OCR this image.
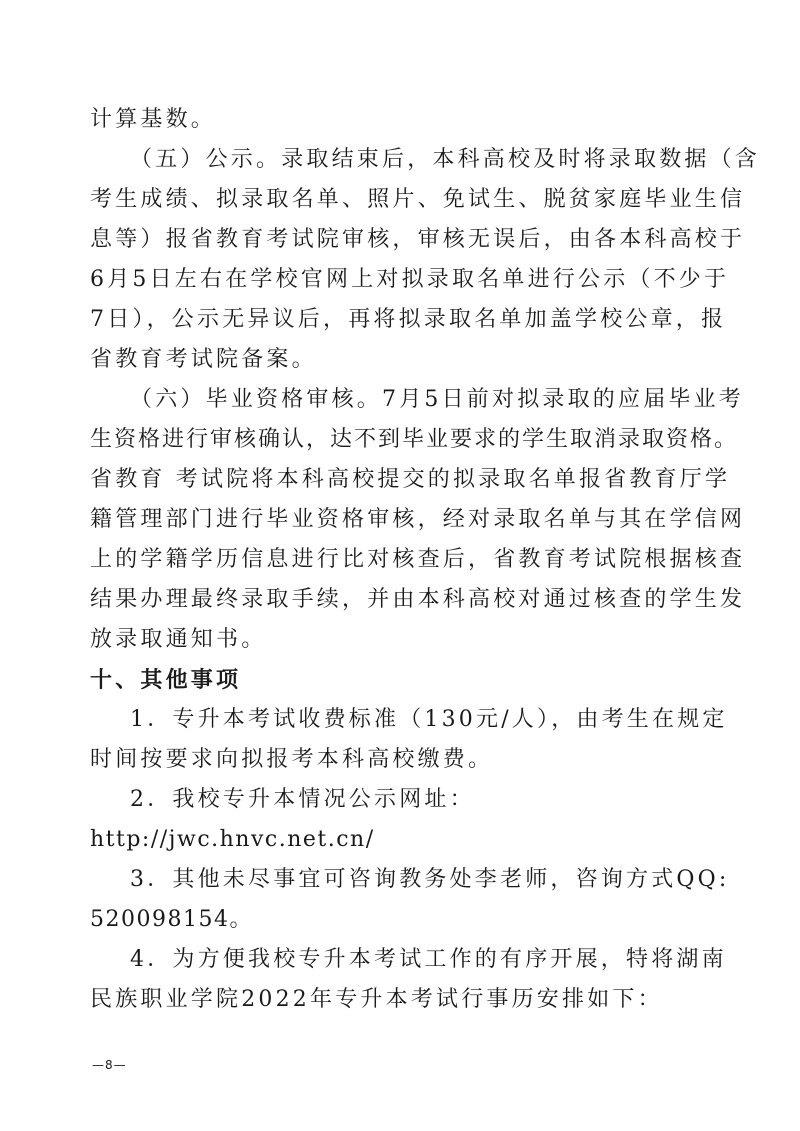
计算基数。
（五）公示。录取结束后，本科高校及时将录取数据（含
考生成绩、拟录取名单、照片、免试生、脱贫家庭毕业生信
息等）报省教育考试院审核，审核无误后，由各本科高校于
6月5日左右在学校官网上对拟录取名单进行公示（不少于
7日），公示无异议后，再将拟录取名单加盖学校公章，报
省教育考试院备案。
（六）毕业资格审核。7月5日前对拟录取的应届毕业考
生资格进行审核确认，达不到毕业要求的学生取消录取资格。
省教育 考试院将本科高校提交的拟录取名单报省教育厅学
籍管理部门进行毕业资格审核，经对录取名单与其在学信网
上的学籍学历信息进行比对核查后，省教育考试院根据核查
结果办理最终录取手续，并由本科高校对通过核查的学生发
放录取通知书。
十、其他事项
1．专升本考试收费标准（130元/人），由考生在规定
时间按要求向拟报考本科高校缴费。
2．我校专升本情况公示网址：
http://jwc.hnvc.net.cn/
3．其他未尽事宜可咨询教务处李老师，咨询方式QQ:
520098154。
4．为方便我校专升本考试工作的有序开展，特将湖南
民族职业学院2022年专升本考试行事历安排如下：
—8—
